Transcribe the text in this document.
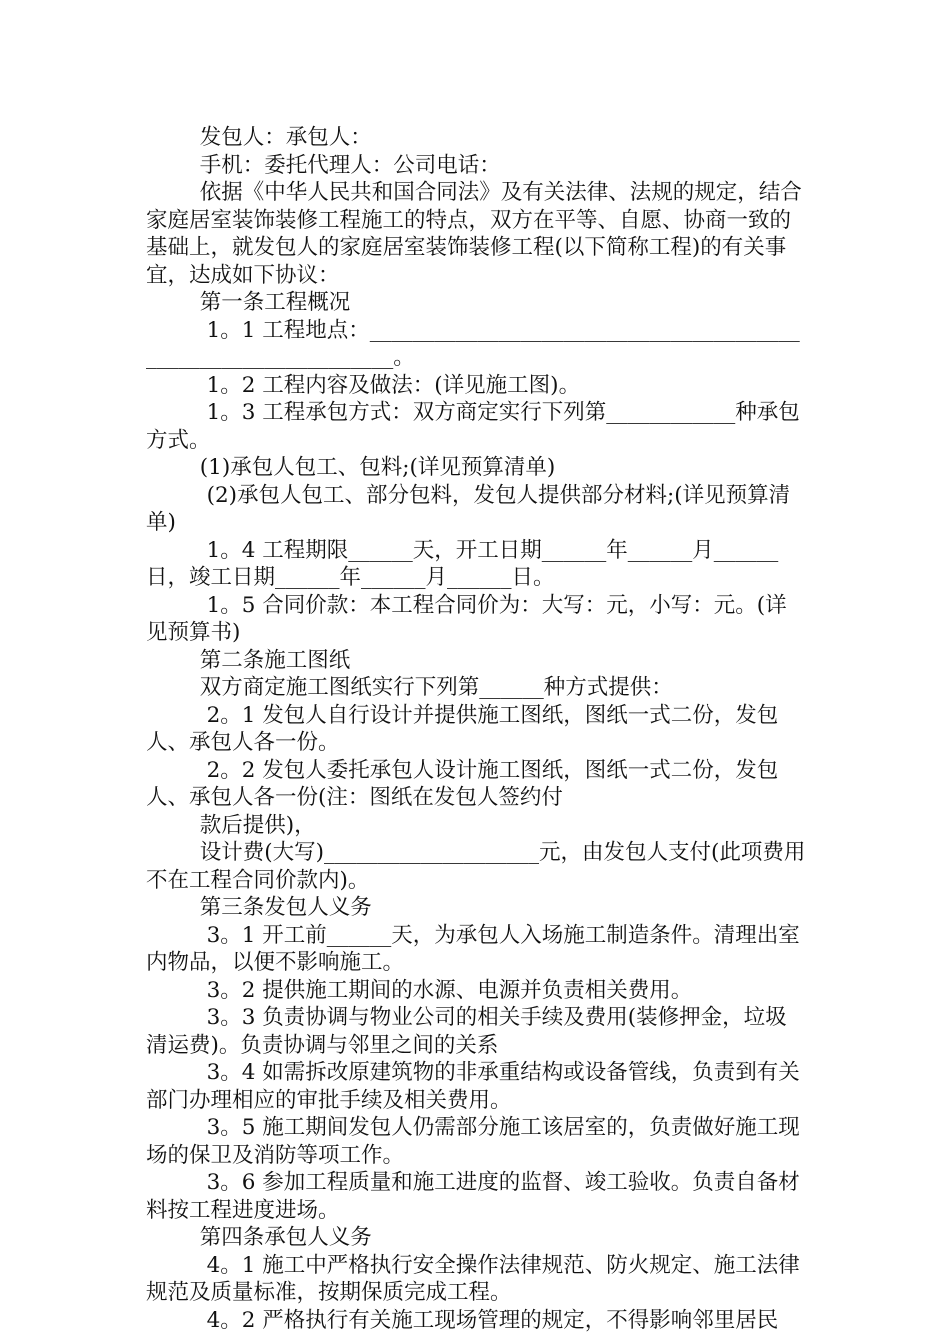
发包人：承包人：

手机：委托代理人：公司电话：

依据《中华人民共和国合同法》及有关法律、法规的规定，结合家庭居室装饰装修工程施工的特点，双方在平等、自愿、协商一致的基础上，就发包人的家庭居室装饰装修工程(以下简称工程)的有关事宜，达成如下协议：

第一条工程概况

1。1 工程地点：_______________________________________________________________。

1。2 工程内容及做法：(详见施工图)。

1。3 工程承包方式：双方商定实行下列第____________种承包方式。

(1)承包人包工、包料;(详见预算清单)

(2)承包人包工、部分包料，发包人提供部分材料;(详见预算清单)

1。4 工程期限______天，开工日期______年______月______日，竣工日期______年______月______日。

1。5 合同价款：本工程合同价为：大写：元，小写：元。(详见预算书)

第二条施工图纸

双方商定施工图纸实行下列第______种方式提供：

2。1 发包人自行设计并提供施工图纸，图纸一式二份，发包人、承包人各一份。

2。2 发包人委托承包人设计施工图纸，图纸一式二份，发包人、承包人各一份(注：图纸在发包人签约付

款后提供)，

设计费(大写)____________________元，由发包人支付(此项费用不在工程合同价款内)。

第三条发包人义务

3。1 开工前______天，为承包人入场施工制造条件。清理出室内物品，以便不影响施工。

3。2 提供施工期间的水源、电源并负责相关费用。

3。3 负责协调与物业公司的相关手续及费用(装修押金，垃圾清运费)。负责协调与邻里之间的关系

3。4 如需拆改原建筑物的非承重结构或设备管线，负责到有关部门办理相应的审批手续及相关费用。

3。5 施工期间发包人仍需部分施工该居室的，负责做好施工现场的保卫及消防等项工作。

3。6 参加工程质量和施工进度的监督、竣工验收。负责自备材料按工程进度进场。

第四条承包人义务

4。1 施工中严格执行安全操作法律规范、防火规定、施工法律规范及质量标准，按期保质完成工程。

4。2 严格执行有关施工现场管理的规定，不得影响邻里居民
